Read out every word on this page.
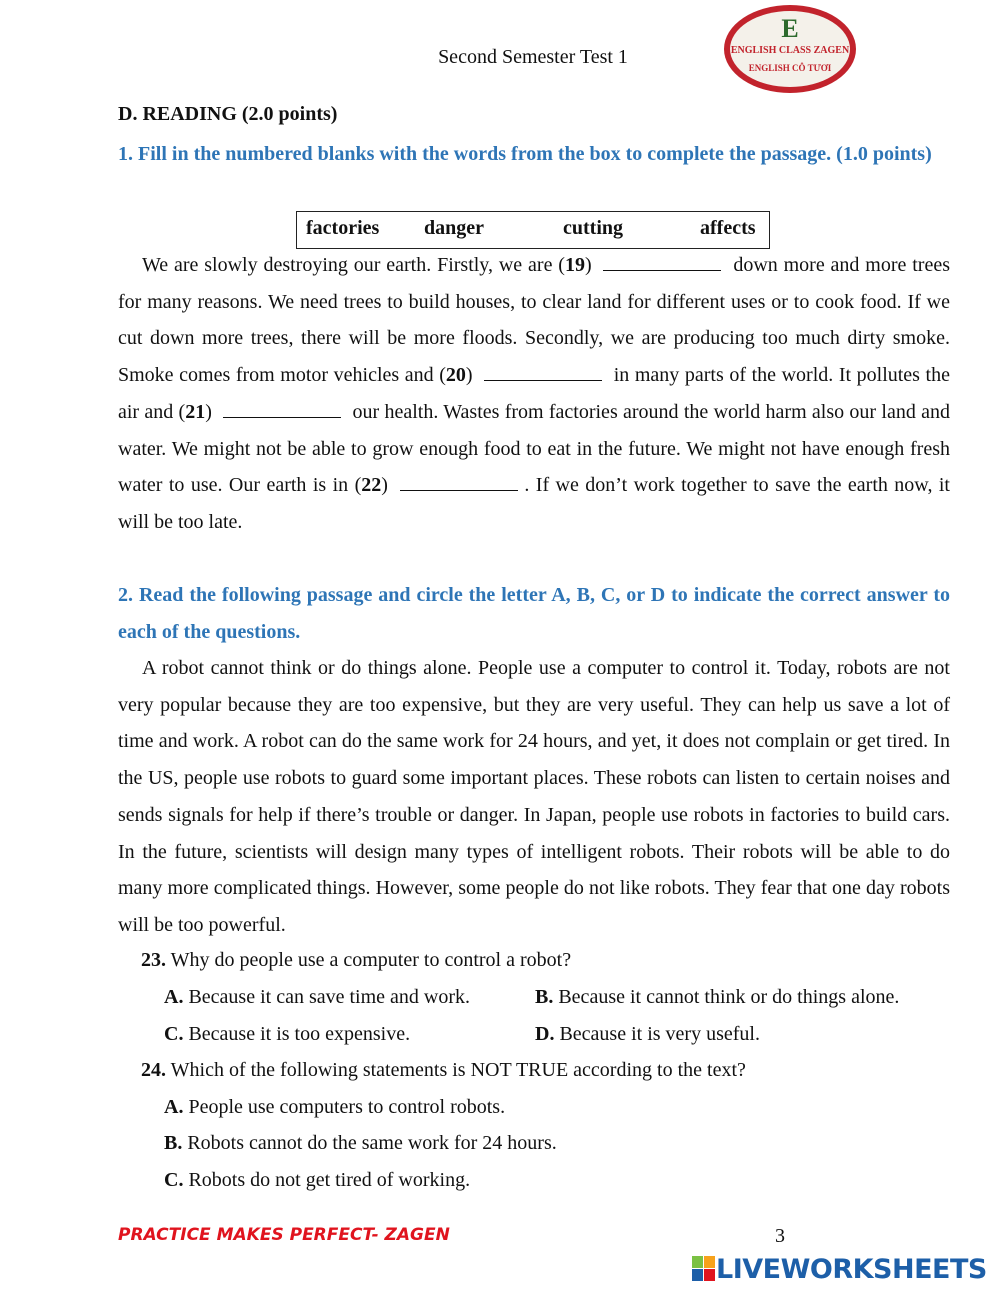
Second Semester Test 1
E
ENGLISH CLASS ZAGEN
ENGLISH CÔ TƯƠI
D. READING (2.0 points)
1. Fill in the numbered blanks with the words from the box to complete the passage. (1.0 points)
factories danger	cutting	affects

We are slowly destroying our earth. Firstly, we are (19)	down more and more trees for many reasons. We need trees to build houses, to clear land for different uses or to cook food. If we cut down more trees, there will be more floods. Secondly, we are producing too much dirty smoke. Smoke comes from motor vehicles and (20)	in many parts of the world. It pollutes the air and (21)	our health. Wastes from factories around the world harm also our land and water. We might not be able to grow enough food to eat in the future. We might not have enough fresh water to use. Our earth is in (22)	. If we don’t work together to save the earth now, it will be too late.

2. Read the following passage and circle the letter A, B, C, or D to indicate the correct answer to each of the questions.

A robot cannot think or do things alone. People use a computer to control it. Today, robots are not very popular because they are too expensive, but they are very useful. They can help us save a lot of time and work. A robot can do the same work for 24 hours, and yet, it does not complain or get tired. In the US, people use robots to guard some important places. These robots can listen to certain noises and sends signals for help if there’s trouble or danger. In Japan, people use robots in factories to build cars. In the future, scientists will design many types of intelligent robots. Their robots will be able to do many more complicated things. However, some people do not like robots. They fear that one day robots will be too powerful.

23. Why do people use a computer to control a robot?
A. Because it can save time and work.	B. Because it cannot think or do things alone.
C. Because it is too expensive.	D. Because it is very useful.
24. Which of the following statements is NOT TRUE according to the text?
A. People use computers to control robots.
B. Robots cannot do the same work for 24 hours.
C. Robots do not get tired of working.
PRACTICE MAKES PERFECT- ZAGEN	3
LIVEWORKSHEETS
